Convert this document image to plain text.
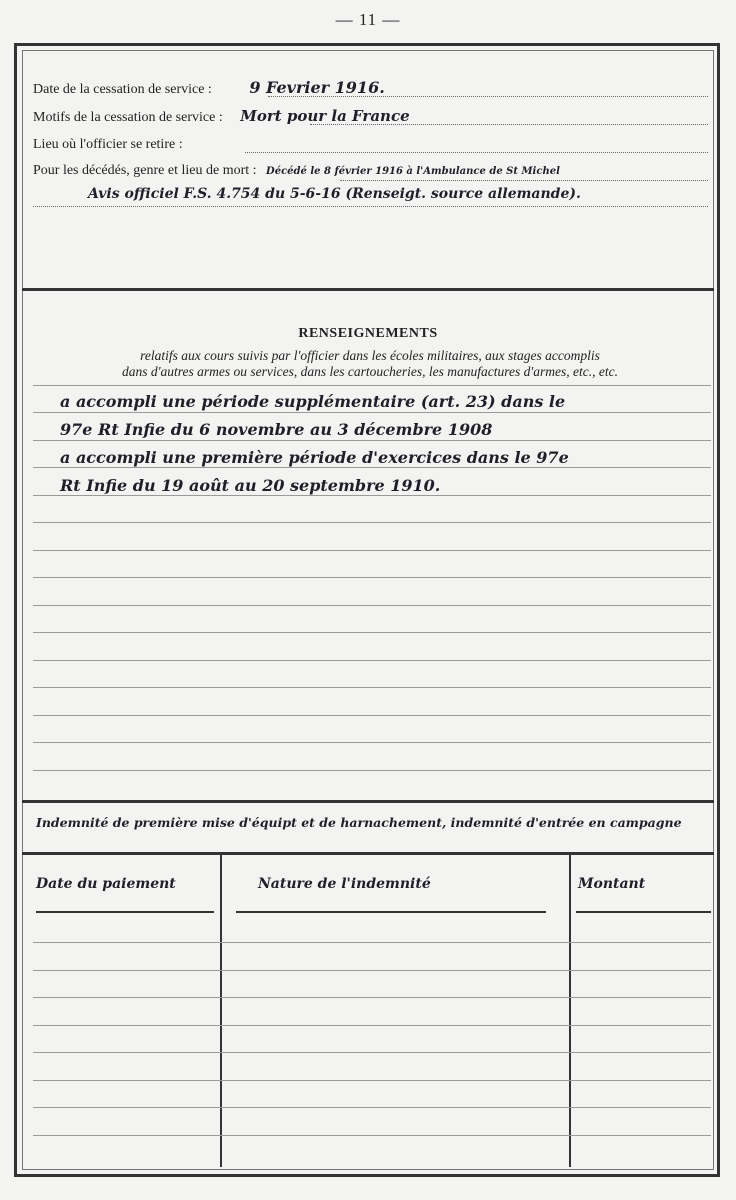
— 11 —
Date de la cessation de service : 9 Fevrier 1916.
Motifs de la cessation de service : Mort pour la France
Lieu où l'officier se retire :
Pour les décédés, genre et lieu de mort : Décédé le 8 février 1916 à l'Ambulance de St Michel
Avis officiel F.S. 4.754 du 5-6-16 (Renseigt. source allemande).
RENSEIGNEMENTS
relatifs aux cours suivis par l'officier dans les écoles militaires, aux stages accomplis
dans d'autres armes ou services, dans les cartoucheries, les manufactures d'armes, etc., etc.
a accompli une période supplémentaire (art. 23) dans le
97e Rt Infie du 6 novembre au 3 décembre 1908
a accompli une première période d'exercices dans le 97e
Rt Infie du 19 août au 20 septembre 1910.
Indemnité de première mise d'équipt et de harnachement, indemnité d'entrée en campagne
Date du paiement	Nature de l'indemnité	Montant
